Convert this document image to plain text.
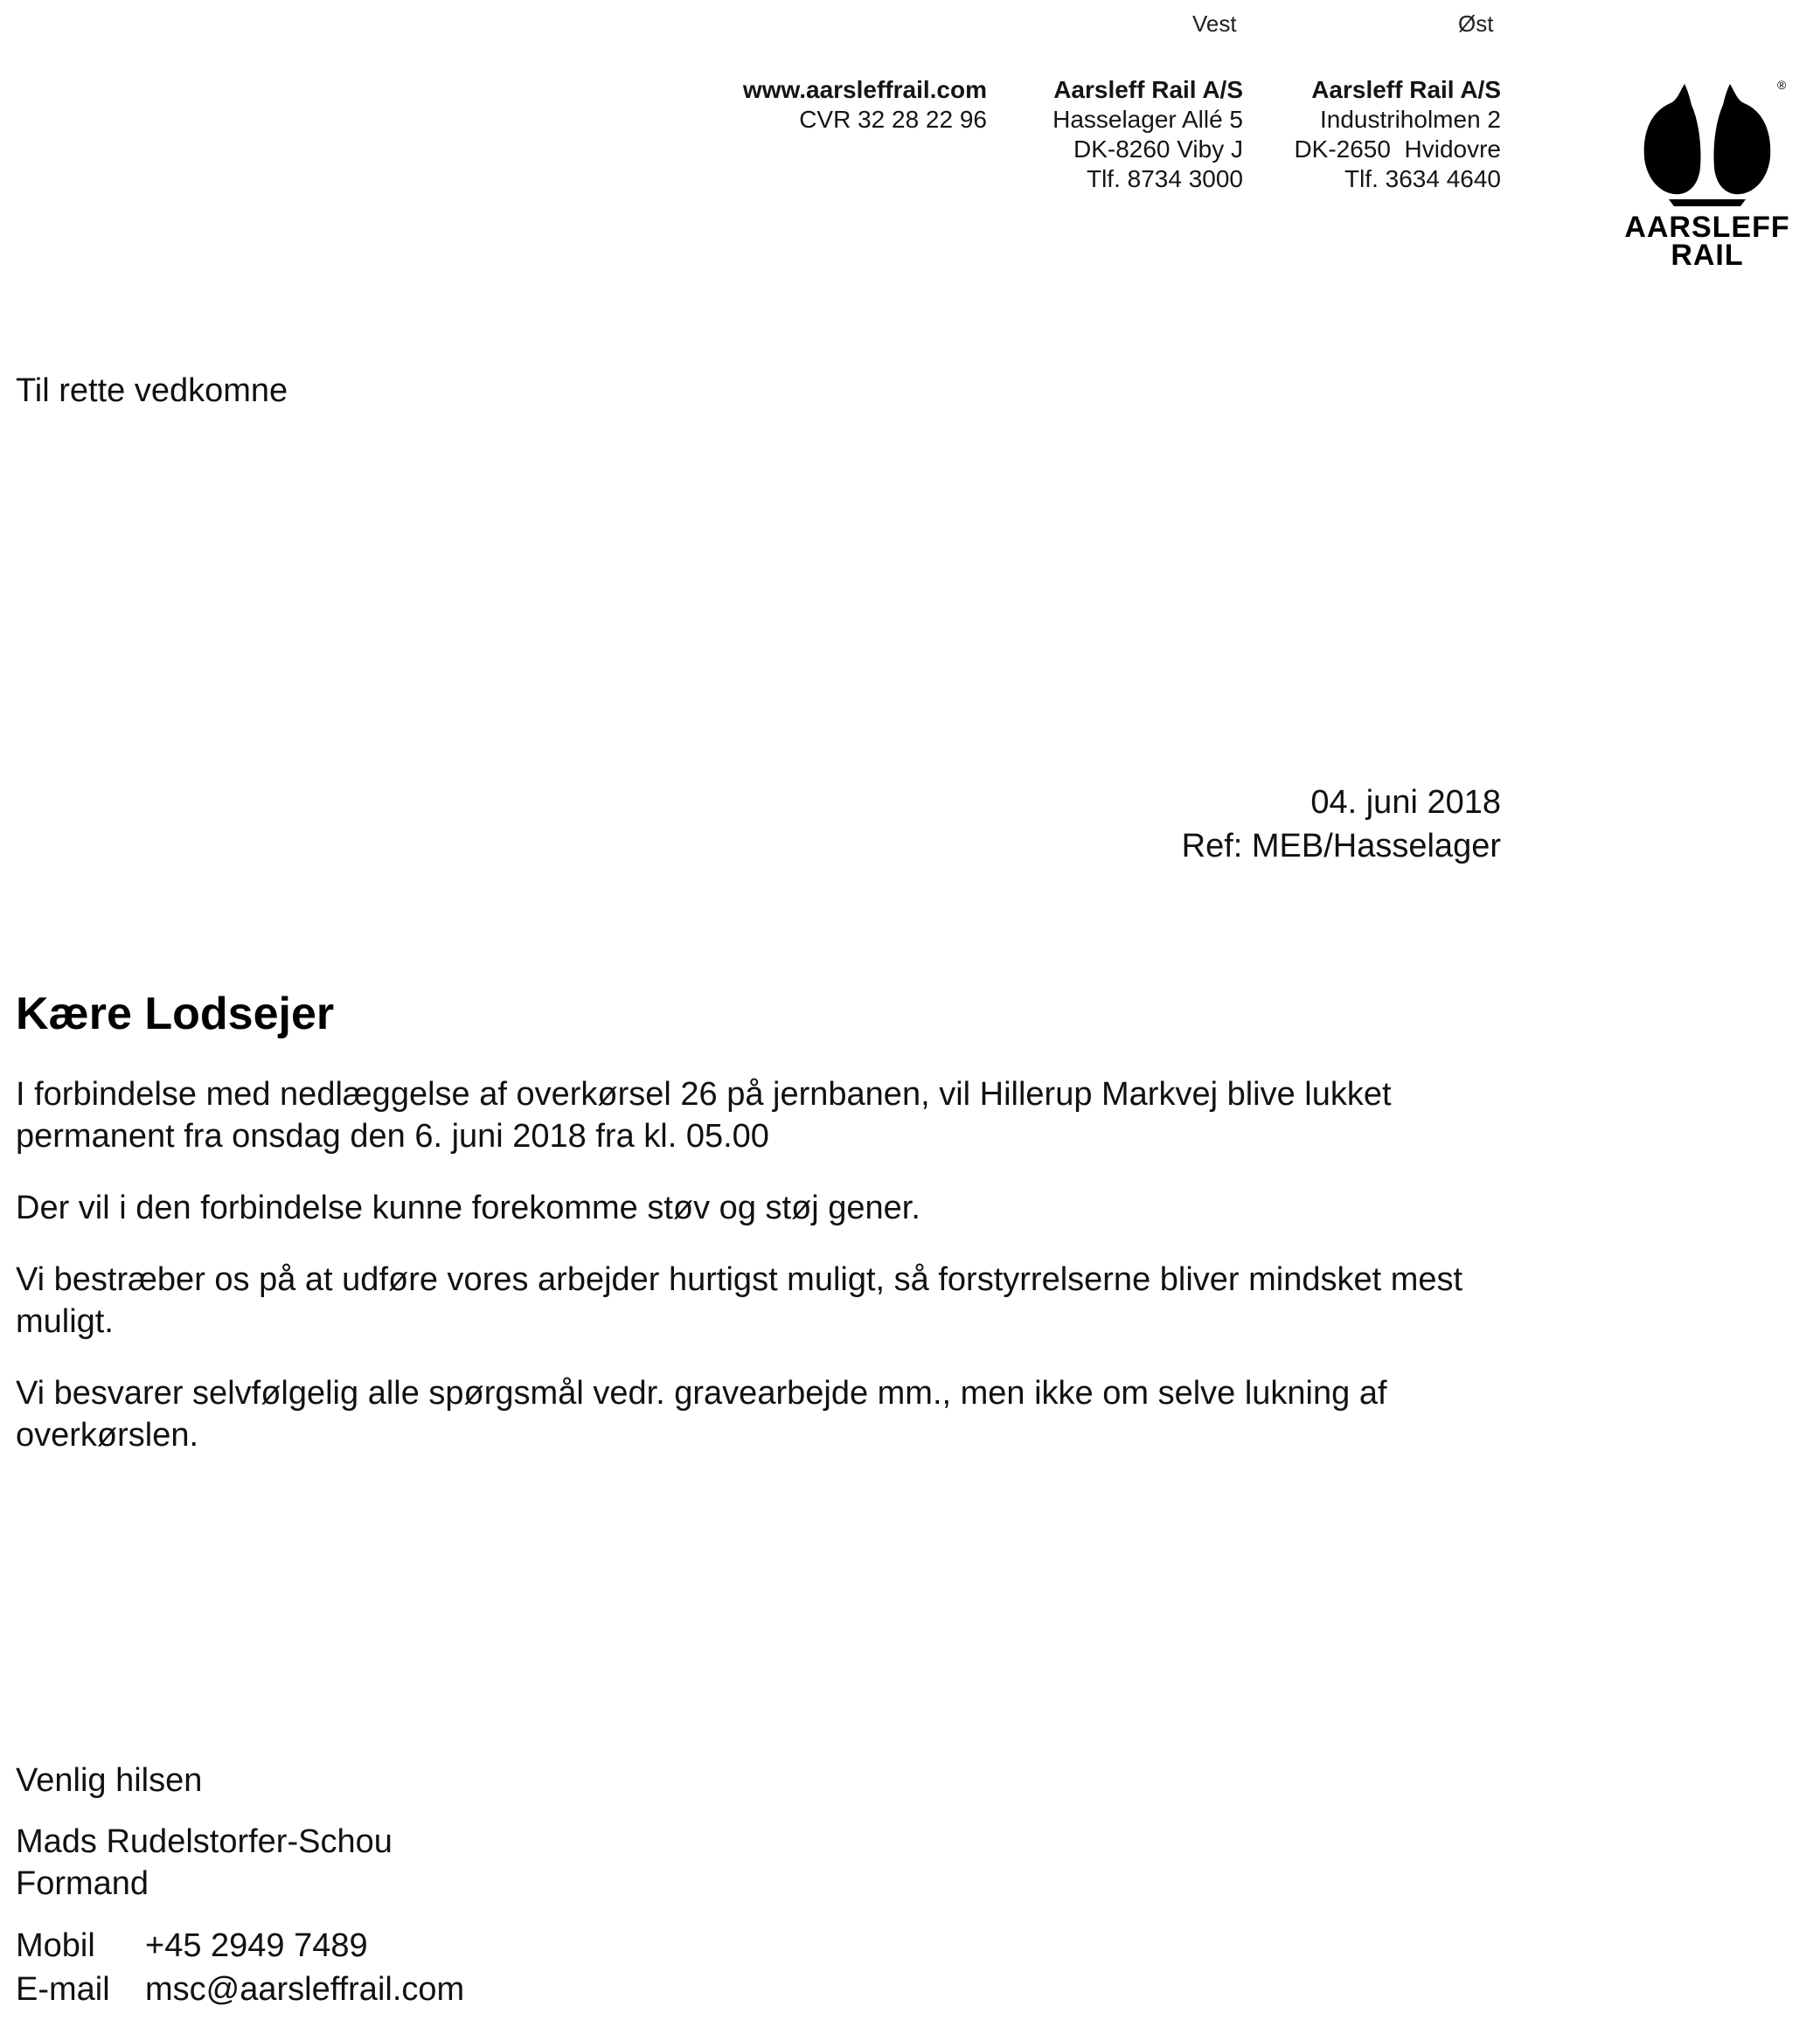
Vest	Øst
www.aarsleffrail.com
CVR 32 28 22 96
Aarsleff Rail A/S
Hasselager Allé 5
DK-8260 Viby J
Tlf. 8734 3000
Aarsleff Rail A/S
Industriholmen 2
DK-2650  Hvidovre
Tlf. 3634 4640
®
AARSLEFF
RAIL
Til rette vedkomne
04. juni 2018
Ref: MEB/Hasselager
Kære Lodsejer

I forbindelse med nedlæggelse af overkørsel 26 på jernbanen, vil Hillerup Markvej blive lukket permanent fra onsdag den 6. juni 2018 fra kl. 05.00

Der vil i den forbindelse kunne forekomme støv og støj gener.

Vi bestræber os på at udføre vores arbejder hurtigst muligt, så forstyrrelserne bliver mindsket mest muligt.

Vi besvarer selvfølgelig alle spørgsmål vedr. gravearbejde mm., men ikke om selve lukning af overkørslen.

Venlig hilsen

Mads Rudelstorfer-Schou
Formand

Mobil	+45 2949 7489
E-mail	msc@aarsleffrail.com
